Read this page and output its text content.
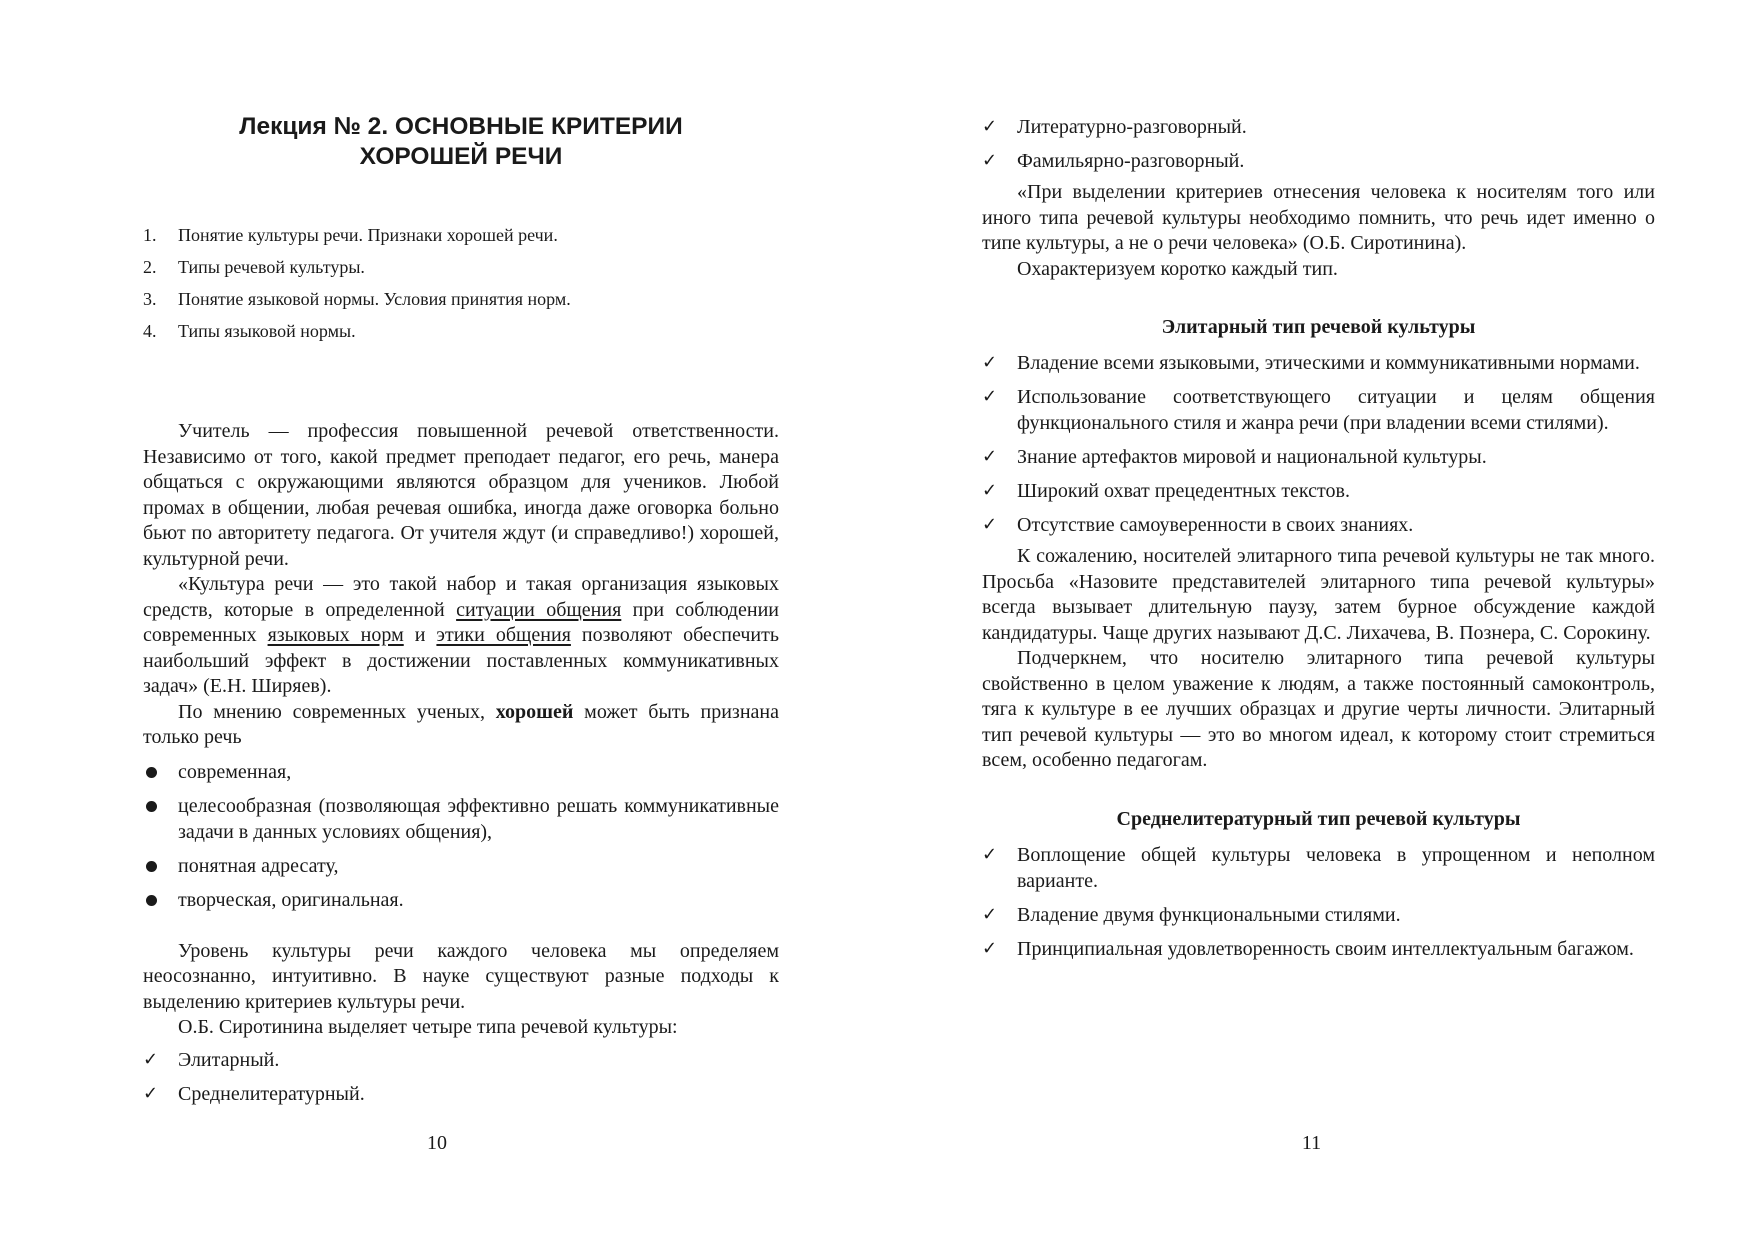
Лекция № 2. ОСНОВНЫЕ КРИТЕРИИ
ХОРОШЕЙ РЕЧИ
1. Понятие культуры речи. Признаки хорошей речи.
2. Типы речевой культуры.
3. Понятие языковой нормы. Условия принятия норм.
4. Типы языковой нормы.

Учитель — профессия повышенной речевой ответственности. Независимо от того, какой предмет преподает педагог, его речь, манера общаться с окружающими являются образцом для учеников. Любой промах в общении, любая речевая ошибка, иногда даже оговорка больно бьют по авторитету педагога. От учителя ждут (и справедливо!) хорошей, культурной речи.

«Культура речи — это такой набор и такая организация языковых средств, которые в определенной ситуации общения при соблюдении современных языковых норм и этики общения позволяют обеспечить наибольший эффект в достижении поставленных коммуникативных задач» (Е.Н. Ширяев).

По мнению современных ученых, хорошей может быть признана только речь

современная,
целесообразная (позволяющая эффективно решать коммуникативные задачи в данных условиях общения),
понятная адресату,
творческая, оригинальная.

Уровень культуры речи каждого человека мы определяем неосознанно, интуитивно. В науке существуют разные подходы к выделению критериев культуры речи.

О.Б. Сиротинина выделяет четыре типа речевой культуры:

✓ Элитарный.
✓ Среднелитературный.
10
✓ Литературно-разговорный.
✓ Фамильярно-разговорный.

«При выделении критериев отнесения человека к носителям того или иного типа речевой культуры необходимо помнить, что речь идет именно о типе культуры, а не о речи человека» (О.Б. Сиротинина).

Охарактеризуем коротко каждый тип.

Элитарный тип речевой культуры
✓ Владение всеми языковыми, этическими и коммуникативными нормами.
✓ Использование соответствующего ситуации и целям общения функционального стиля и жанра речи (при владении всеми стилями).
✓ Знание артефактов мировой и национальной культуры.
✓ Широкий охват прецедентных текстов.
✓ Отсутствие самоуверенности в своих знаниях.

К сожалению, носителей элитарного типа речевой культуры не так много. Просьба «Назовите представителей элитарного типа речевой культуры» всегда вызывает длительную паузу, затем бурное обсуждение каждой кандидатуры. Чаще других называют Д.С. Лихачева, В. Познера, С. Сорокину.

Подчеркнем, что носителю элитарного типа речевой культуры свойственно в целом уважение к людям, а также постоянный самоконтроль, тяга к культуре в ее лучших образцах и другие черты личности. Элитарный тип речевой культуры — это во многом идеал, к которому стоит стремиться всем, особенно педагогам.

Среднелитературный тип речевой культуры
✓ Воплощение общей культуры человека в упрощенном и неполном варианте.
✓ Владение двумя функциональными стилями.
✓ Принципиальная удовлетворенность своим интеллектуальным багажом.
11
